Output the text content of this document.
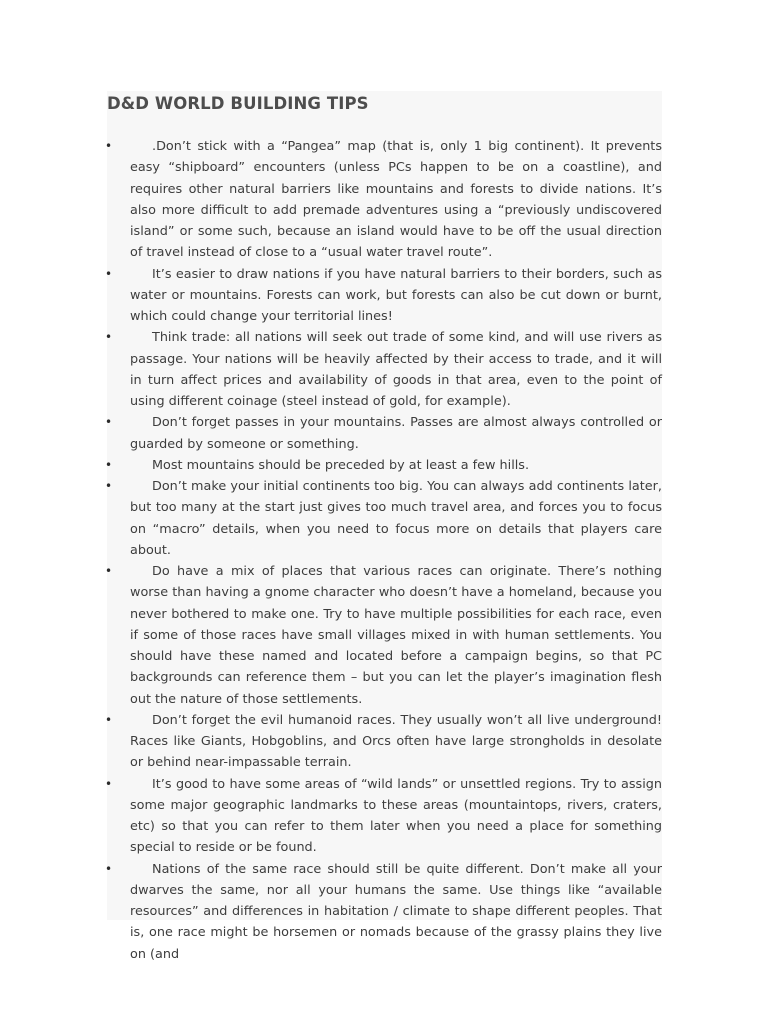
D&D WORLD BUILDING TIPS
•	.Don’t stick with a “Pangea” map (that is, only 1 big continent). It prevents easy “shipboard” encounters (unless PCs happen to be on a coastline), and requires other natural barriers like mountains and forests to divide nations. It’s also more difficult to add premade adventures using a “previously undiscovered island” or some such, because an island would have to be off the usual direction of travel instead of close to a “usual water travel route”.
•	It’s easier to draw nations if you have natural barriers to their borders, such as water or mountains. Forests can work, but forests can also be cut down or burnt, which could change your territorial lines!
•	Think trade: all nations will seek out trade of some kind, and will use rivers as passage. Your nations will be heavily affected by their access to trade, and it will in turn affect prices and availability of goods in that area, even to the point of using different coinage (steel instead of gold, for example).
•	Don’t forget passes in your mountains. Passes are almost always controlled or guarded by someone or something.
•	Most mountains should be preceded by at least a few hills.
•	Don’t make your initial continents too big. You can always add continents later, but too many at the start just gives too much travel area, and forces you to focus on “macro” details, when you need to focus more on details that players care about.
•	Do have a mix of places that various races can originate. There’s nothing worse than having a gnome character who doesn’t have a homeland, because you never bothered to make one. Try to have multiple possibilities for each race, even if some of those races have small villages mixed in with human settlements. You should have these named and located before a campaign begins, so that PC backgrounds can reference them – but you can let the player’s imagination flesh out the nature of those settlements.
•	Don’t forget the evil humanoid races. They usually won’t all live underground! Races like Giants, Hobgoblins, and Orcs often have large strongholds in desolate or behind near-impassable terrain.
•	It’s good to have some areas of “wild lands” or unsettled regions. Try to assign some major geographic landmarks to these areas (mountaintops, rivers, craters, etc) so that you can refer to them later when you need a place for something special to reside or be found.
•	Nations of the same race should still be quite different. Don’t make all your dwarves the same, nor all your humans the same. Use things like “available resources” and differences in habitation / climate to shape different peoples. That is, one race might be horsemen or nomads because of the grassy plains they live on (and
